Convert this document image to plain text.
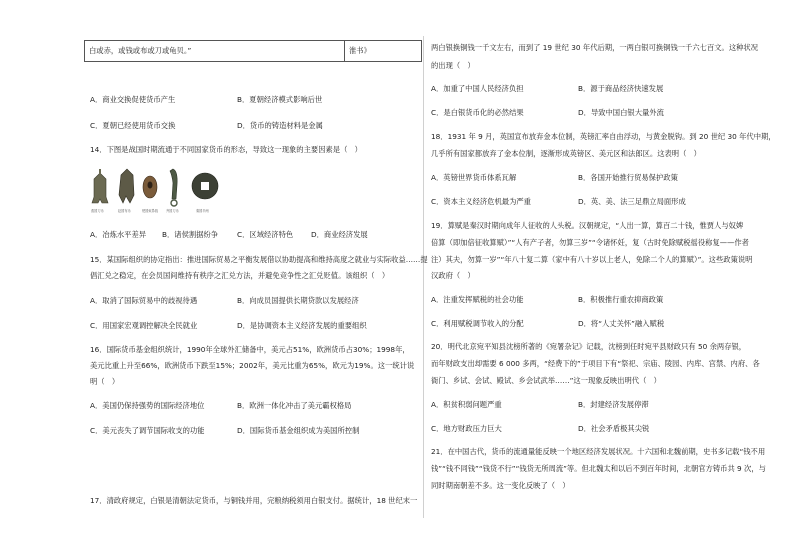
白或赤，或钱或布或刀或龟贝。”	淮书》
A．商业交换促使货币产生	B．夏朝经济模式影响后世
C．夏朝已经使用货币交换	D．货币的铸造材料是金属
14．下图是战国时期流通于不同国家货币的形态，导致这一现象的主要因素是（　）
燕国刀币	赵国布币	楚国蚁鼻钱	齐国刀币	秦国半两
A．冶炼水平差异 B．诸侯割据纷争	C．区域经济特色 D．商业经济发展
15．某国际组织的协定指出：推进国际贸易之平衡发展借以协助提高和维持高度之就业与实际收益……提
倡汇兑之稳定，在会员国间维持有秩序之汇兑方法，并避免竞争性之汇兑贬值。该组织（　）
A．取消了国际贸易中的歧视待遇	B．向成员国提供长期贷款以发展经济
C．用国家宏观调控解决全民就业	D．是协调资本主义经济发展的重要组织
16．国际货币基金组织统计，1990年全球外汇储备中，美元占51%，欧洲货币占30%；1998年，
美元比重上升至66%，欧洲货币下跌至15%；2002年，美元比重为65%，欧元为19%。这一统计说
明（　）
A．美国仍保持强势的国际经济地位	B．欧洲一体化冲击了美元霸权格局
C．美元丧失了调节国际收支的功能	D．国际货币基金组织成为美国所控制
17．清政府规定，白银是清朝法定货币，与铜钱并用，完粮纳税须用白银支付。据统计，18 世纪末一
两白银换铜钱一千文左右，而到了 19 世纪 30 年代后期，一两白银可换铜钱一千六七百文。这种状况
的出现（　）
A．加重了中国人民经济负担	B．源于商品经济快速发展
C．是白银货币化的必然结果	D．导致中国白银大量外流
18．1931 年 9 月，英国宣布放弃金本位制，英镑汇率自由浮动，与黄金脱钩。到 20 世纪 30 年代中期，
几乎所有国家都放弃了金本位制，逐渐形成英镑区、美元区和法郎区。这表明（　）
A．英镑世界货币体系瓦解	B．各国开始推行贸易保护政策
C．资本主义经济危机最为严重	D．英、美、法三足鼎立局面形成
19．算赋是秦汉时期向成年人征收的人头税。汉朝规定，“人出一算，算百二十钱，惟贾人与奴婢
倍算（即加倍征收算赋）”“人有产子者，勿算三岁”“令诸怀妊，复（古时免除赋税徭役称复——作者
注）其夫，勿算一岁”“年八十复二算（家中有八十岁以上老人，免除二个人的算赋）”。这些政策说明
汉政府（　）
A．注重发挥赋税的社会功能	B．积极推行重农抑商政策
C．利用赋税调节收入的分配	D．将“人丈关怀”融入赋税
20．明代北京宛平知县沈榜所著的《宛署杂记》记载，沈榜到任时宛平县财政只有 50 余两存银，
而年财政支出却需要 6 000 多两，“经费下的”于项目下有“祭祀、宗庙、陵园、内库、宫禁、内府、各
衙门、乡试、会试、殿试、乡会试武举……”这一现象反映出明代（　）
A．积贫积弱问题严重	B．封建经济发展停滞
C．地方财政压力巨大	D．社会矛盾极其尖锐
21．在中国古代，货币的流通量能反映一个地区经济发展状况。十六国和北魏前期，史书多记载“钱不用
钱”“钱不同钱”“钱货不行”“钱货无所周流”等。但北魏太和以后不到百年时间，北朝官方铸币共 9 次，与
同时期南朝差不多。这一变化反映了（　）
